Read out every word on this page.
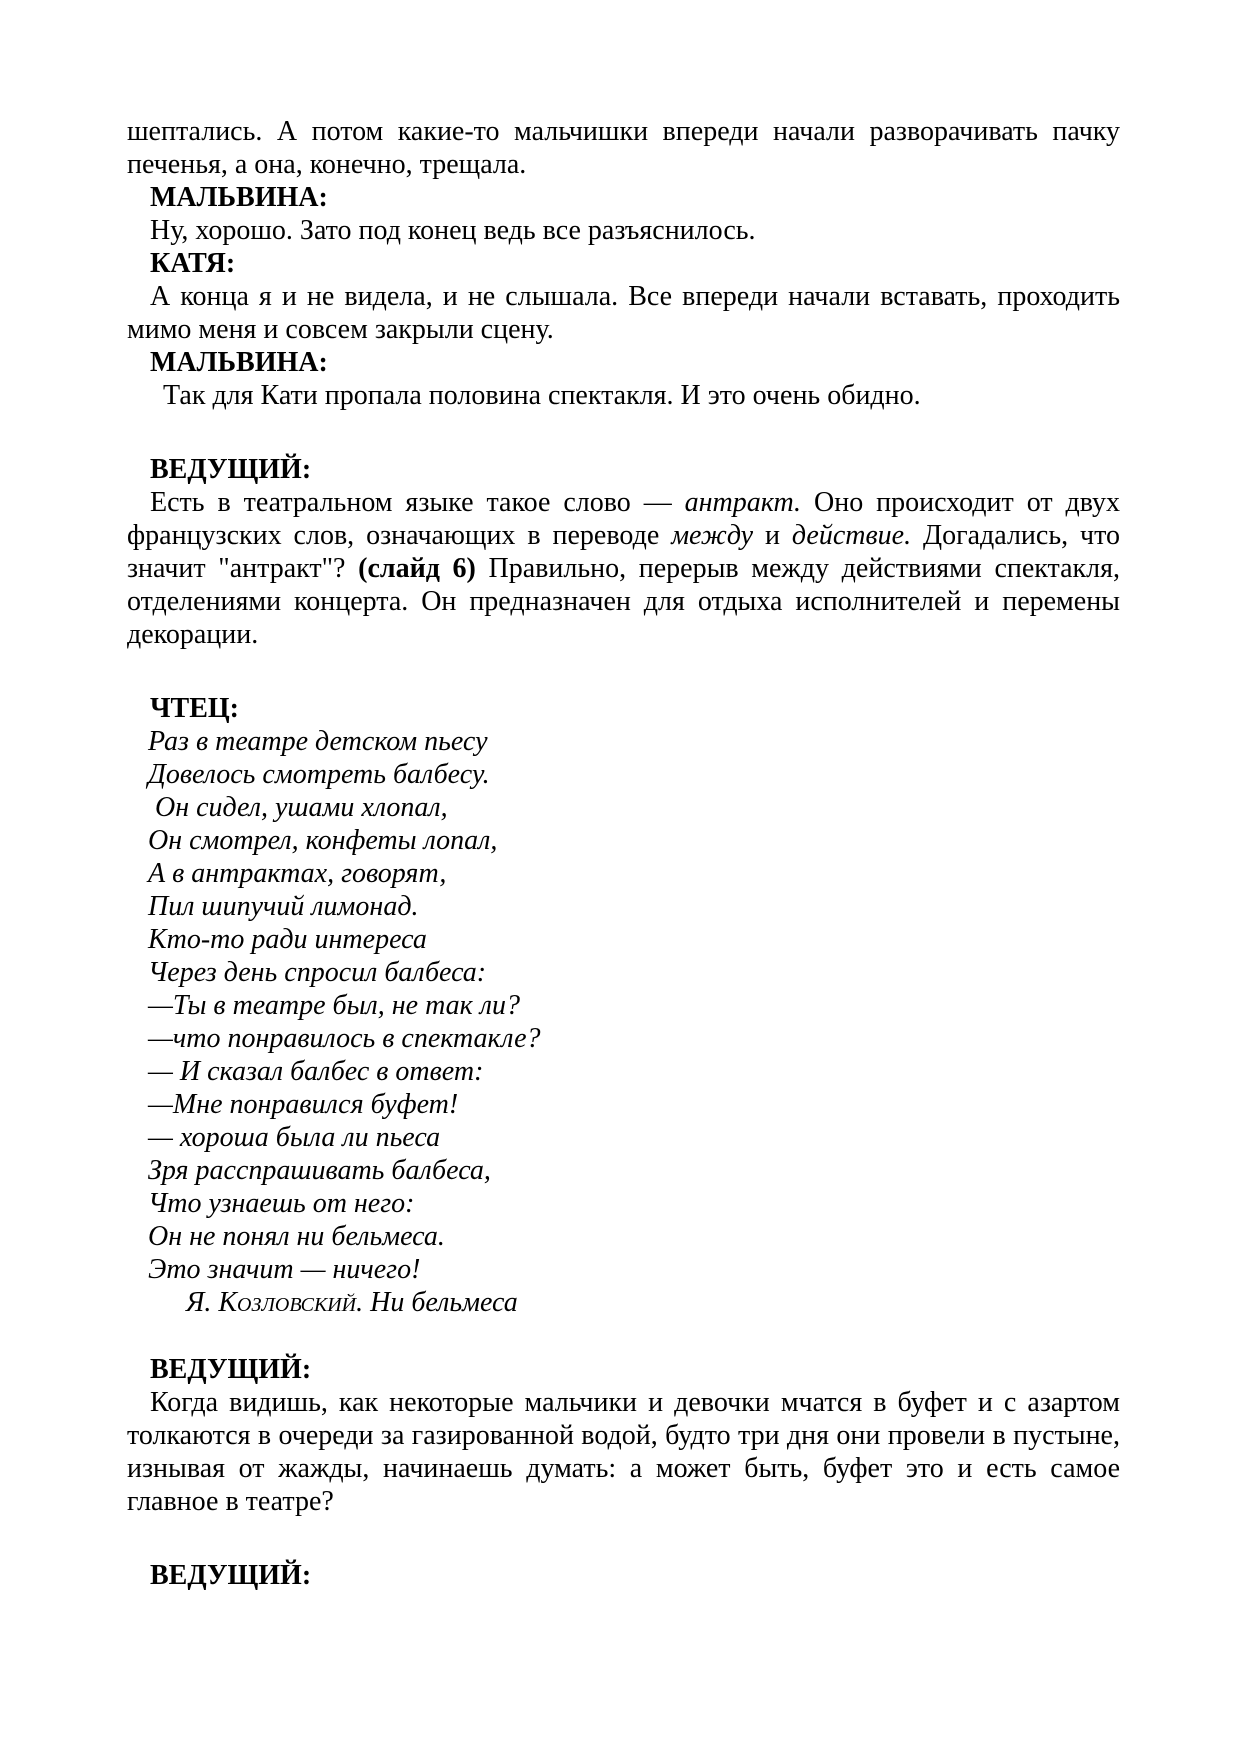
шептались. А потом какие-то мальчишки впереди начали разворачивать пачку печенья, а она, конечно, трещала.
МАЛЬВИНА:
Ну, хорошо. Зато под конец ведь все разъяснилось.
КАТЯ:
А конца я и не видела, и не слышала. Все впереди начали вставать, проходить мимо меня и совсем закрыли сцену.
МАЛЬВИНА:
Так для Кати пропала половина спектакля. И это очень обидно.
ВЕДУЩИЙ:
Есть в театральном языке такое слово — антракт. Оно происходит от двух французских слов, означающих в переводе между и действие. Догадались, что значит "антракт"? (слайд 6) Правильно, перерыв между действиями спектакля, отделениями концерта. Он предназначен для отдыха исполнителей и перемены декорации.
ЧТЕЦ:
Раз в театре детском пьесу
Довелось смотреть балбесу.
Он сидел, ушами хлопал,
Он смотрел, конфеты лопал,
А в антрактах, говорят,
Пил шипучий лимонад.
Кто-то ради интереса
Через день спросил балбеса:
—Ты в театре был, не так ли?
—что понравилось в спектакле?
— И сказал балбес в ответ:
—Мне понравился буфет!
— хороша была ли пьеса
Зря расспрашивать балбеса,
Что узнаешь от него:
Он не понял ни бельмеса.
Это значит — ничего!
Я. Козловский. Ни бельмеса
ВЕДУЩИЙ:
Когда видишь, как некоторые мальчики и девочки мчатся в буфет и с азартом толкаются в очереди за газированной водой, будто три дня они провели в пустыне, изнывая от жажды, начинаешь думать: а может быть, буфет это и есть самое главное в театре?
ВЕДУЩИЙ:
